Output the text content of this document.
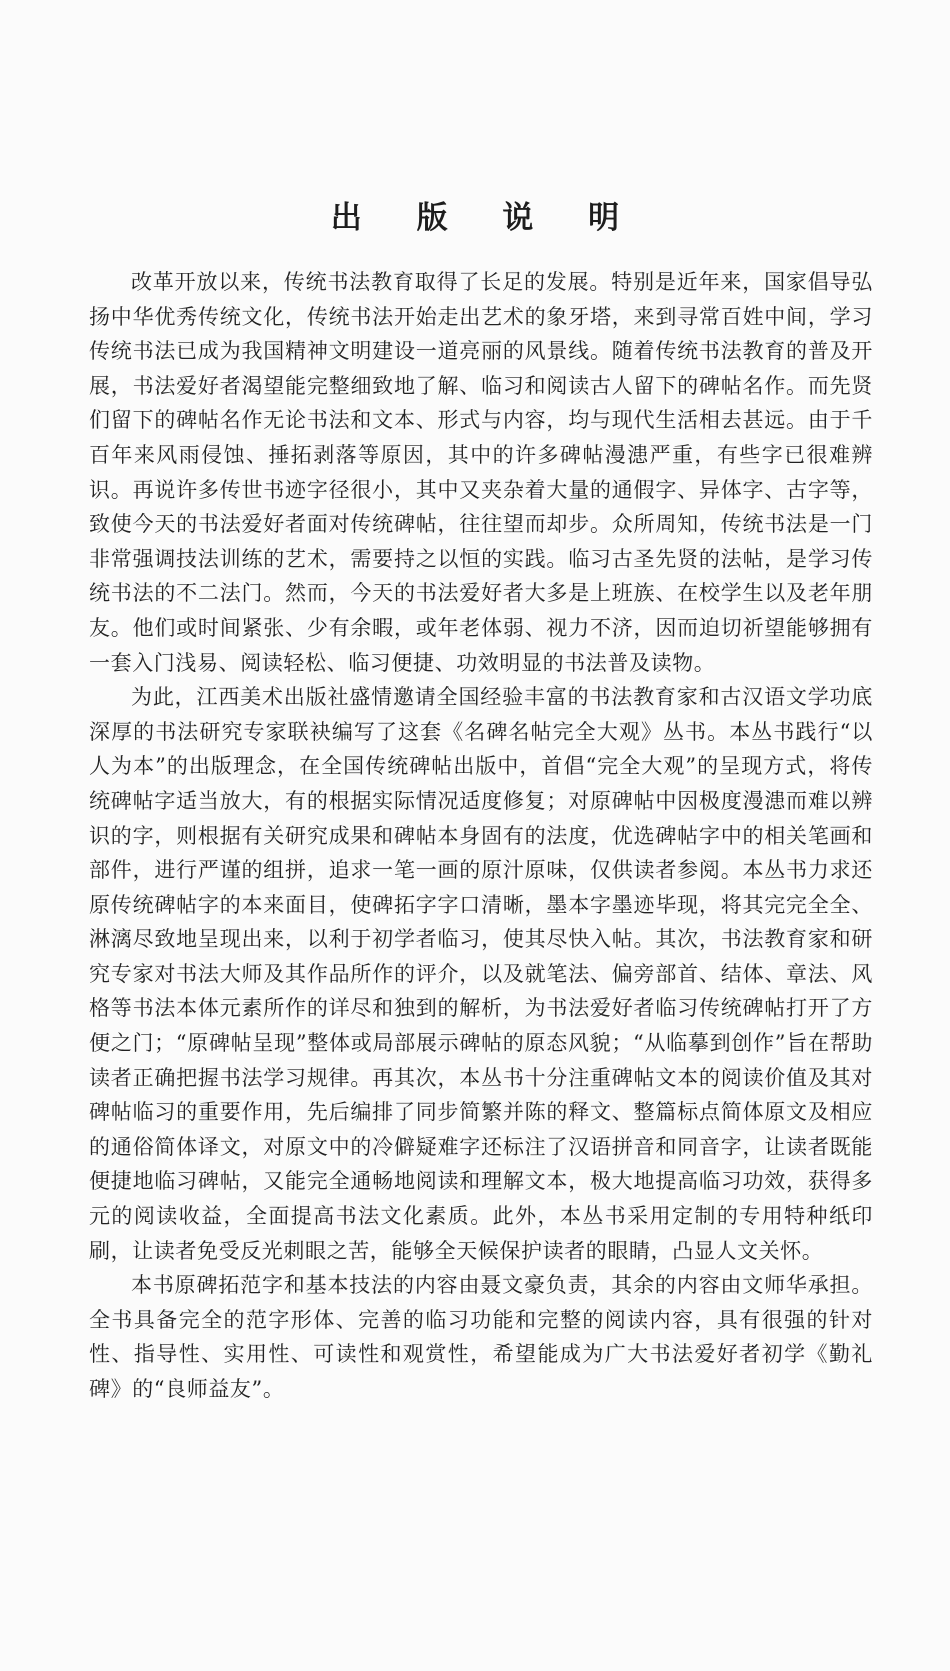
出 版 说 明

改革开放以来，传统书法教育取得了长足的发展。特别是近年来，国家倡导弘扬中华优秀传统文化，传统书法开始走出艺术的象牙塔，来到寻常百姓中间，学习传统书法已成为我国精神文明建设一道亮丽的风景线。随着传统书法教育的普及开展，书法爱好者渴望能完整细致地了解、临习和阅读古人留下的碑帖名作。而先贤们留下的碑帖名作无论书法和文本、形式与内容，均与现代生活相去甚远。由于千百年来风雨侵蚀、捶拓剥落等原因，其中的许多碑帖漫漶严重，有些字已很难辨识。再说许多传世书迹字径很小，其中又夹杂着大量的通假字、异体字、古字等，致使今天的书法爱好者面对传统碑帖，往往望而却步。众所周知，传统书法是一门非常强调技法训练的艺术，需要持之以恒的实践。临习古圣先贤的法帖，是学习传统书法的不二法门。然而，今天的书法爱好者大多是上班族、在校学生以及老年朋友。他们或时间紧张、少有余暇，或年老体弱、视力不济，因而迫切祈望能够拥有一套入门浅易、阅读轻松、临习便捷、功效明显的书法普及读物。

为此，江西美术出版社盛情邀请全国经验丰富的书法教育家和古汉语文学功底深厚的书法研究专家联袂编写了这套《名碑名帖完全大观》丛书。本丛书践行“以人为本”的出版理念，在全国传统碑帖出版中，首倡“完全大观”的呈现方式，将传统碑帖字适当放大，有的根据实际情况适度修复；对原碑帖中因极度漫漶而难以辨识的字，则根据有关研究成果和碑帖本身固有的法度，优选碑帖字中的相关笔画和部件，进行严谨的组拼，追求一笔一画的原汁原味，仅供读者参阅。本丛书力求还原传统碑帖字的本来面目，使碑拓字字口清晰，墨本字墨迹毕现，将其完完全全、淋漓尽致地呈现出来，以利于初学者临习，使其尽快入帖。其次，书法教育家和研究专家对书法大师及其作品所作的评介，以及就笔法、偏旁部首、结体、章法、风格等书法本体元素所作的详尽和独到的解析，为书法爱好者临习传统碑帖打开了方便之门；“原碑帖呈现”整体或局部展示碑帖的原态风貌；“从临摹到创作”旨在帮助读者正确把握书法学习规律。再其次，本丛书十分注重碑帖文本的阅读价值及其对碑帖临习的重要作用，先后编排了同步简繁并陈的释文、整篇标点简体原文及相应的通俗简体译文，对原文中的冷僻疑难字还标注了汉语拼音和同音字，让读者既能便捷地临习碑帖，又能完全通畅地阅读和理解文本，极大地提高临习功效，获得多元的阅读收益，全面提高书法文化素质。此外，本丛书采用定制的专用特种纸印刷，让读者免受反光刺眼之苦，能够全天候保护读者的眼睛，凸显人文关怀。

本书原碑拓范字和基本技法的内容由聂文豪负责，其余的内容由文师华承担。全书具备完全的范字形体、完善的临习功能和完整的阅读内容，具有很强的针对性、指导性、实用性、可读性和观赏性，希望能成为广大书法爱好者初学《勤礼碑》的“良师益友”。
